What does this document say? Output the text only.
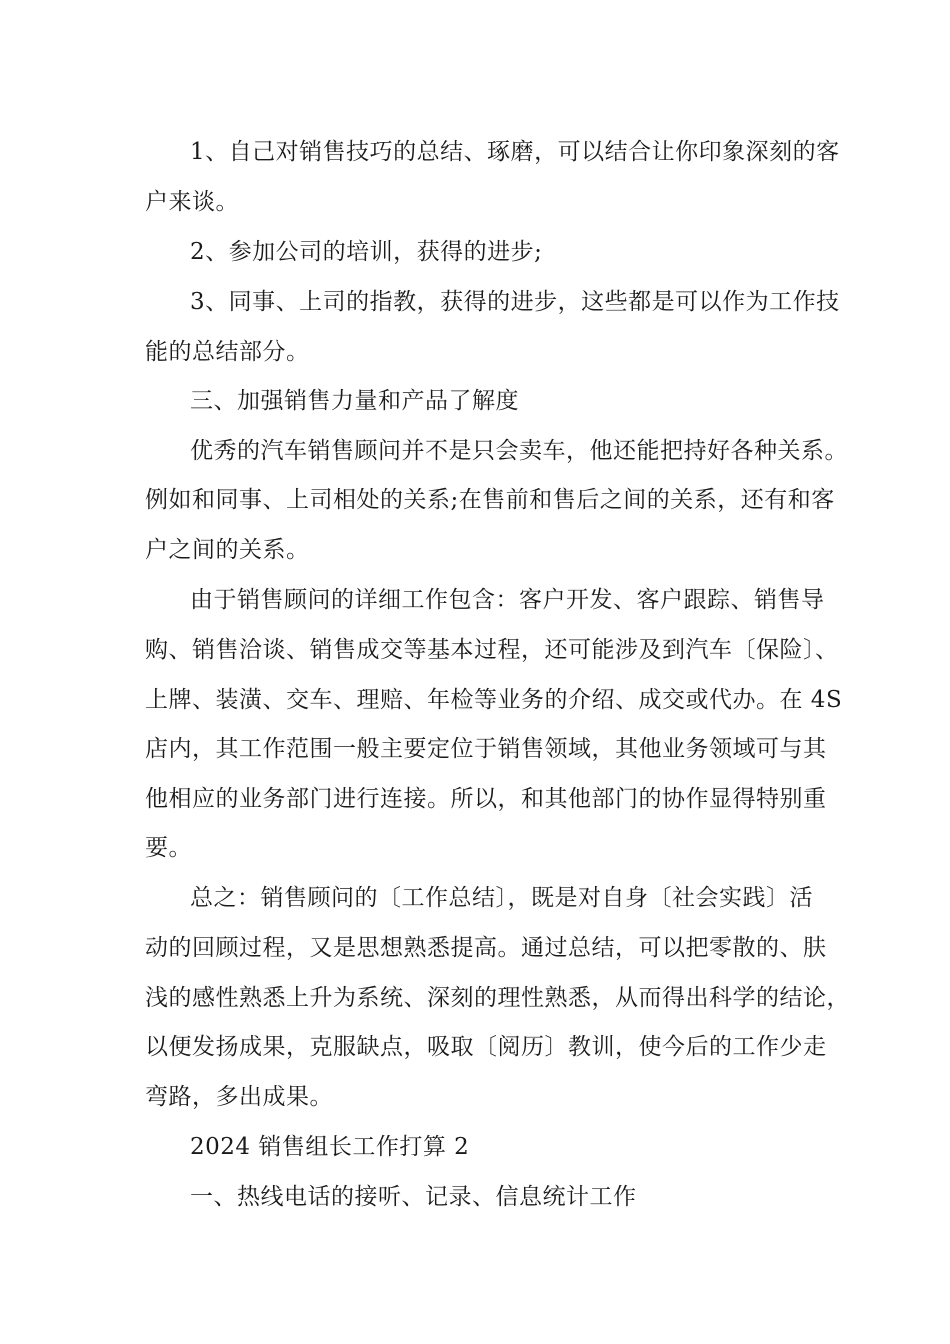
1、自己对销售技巧的总结、琢磨，可以结合让你印象深刻的客
户来谈。
2、参加公司的培训，获得的进步;
3、同事、上司的指教，获得的进步，这些都是可以作为工作技
能的总结部分。
三、加强销售力量和产品了解度
优秀的汽车销售顾问并不是只会卖车，他还能把持好各种关系。
例如和同事、上司相处的关系;在售前和售后之间的关系，还有和客
户之间的关系。
由于销售顾问的详细工作包含：客户开发、客户跟踪、销售导
购、销售洽谈、销售成交等基本过程，还可能涉及到汽车〔保险〕、
上牌、装潢、交车、理赔、年检等业务的介绍、成交或代办。在 4S
店内，其工作范围一般主要定位于销售领域，其他业务领域可与其
他相应的业务部门进行连接。所以，和其他部门的协作显得特别重
要。
总之：销售顾问的〔工作总结〕，既是对自身〔社会实践〕活
动的回顾过程，又是思想熟悉提高。通过总结，可以把零散的、肤
浅的感性熟悉上升为系统、深刻的理性熟悉，从而得出科学的结论，
以便发扬成果，克服缺点，吸取〔阅历〕教训，使今后的工作少走
弯路，多出成果。
2024 销售组长工作打算 2
一、热线电话的接听、记录、信息统计工作
